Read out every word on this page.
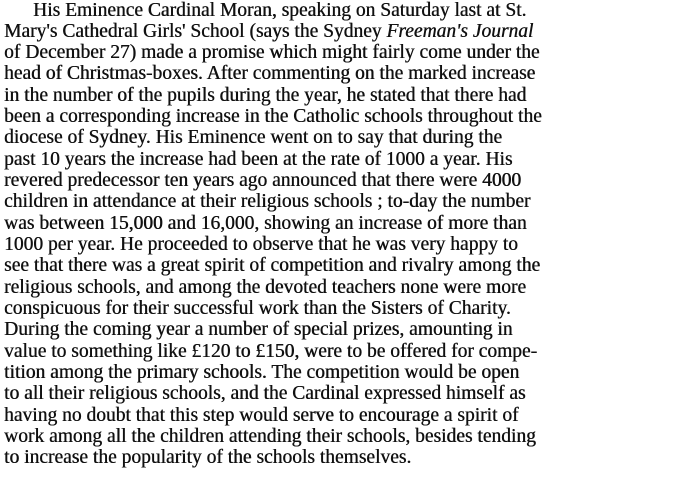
His Eminence Cardinal Moran, speaking on Saturday last at St.
Mary's Cathedral Girls' School (says the Sydney Freeman's Journal
of December 27) made a promise which might fairly come under the
head of Christmas-boxes. After commenting on the marked increase
in the number of the pupils during the year, he stated that there had
been a corresponding increase in the Catholic schools throughout the
diocese of Sydney. His Eminence went on to say that during the
past 10 years the increase had been at the rate of 1000 a year. His
revered predecessor ten years ago announced that there were 4000
children in attendance at their religious schools ; to-day the number
was between 15,000 and 16,000, showing an increase of more than
1000 per year. He proceeded to observe that he was very happy to
see that there was a great spirit of competition and rivalry among the
religious schools, and among the devoted teachers none were more
conspicuous for their successful work than the Sisters of Charity.
During the coming year a number of special prizes, amounting in
value to something like £120 to £150, were to be offered for compe-
tition among the primary schools. The competition would be open
to all their religious schools, and the Cardinal expressed himself as
having no doubt that this step would serve to encourage a spirit of
work among all the children attending their schools, besides tending
to increase the popularity of the schools themselves.
